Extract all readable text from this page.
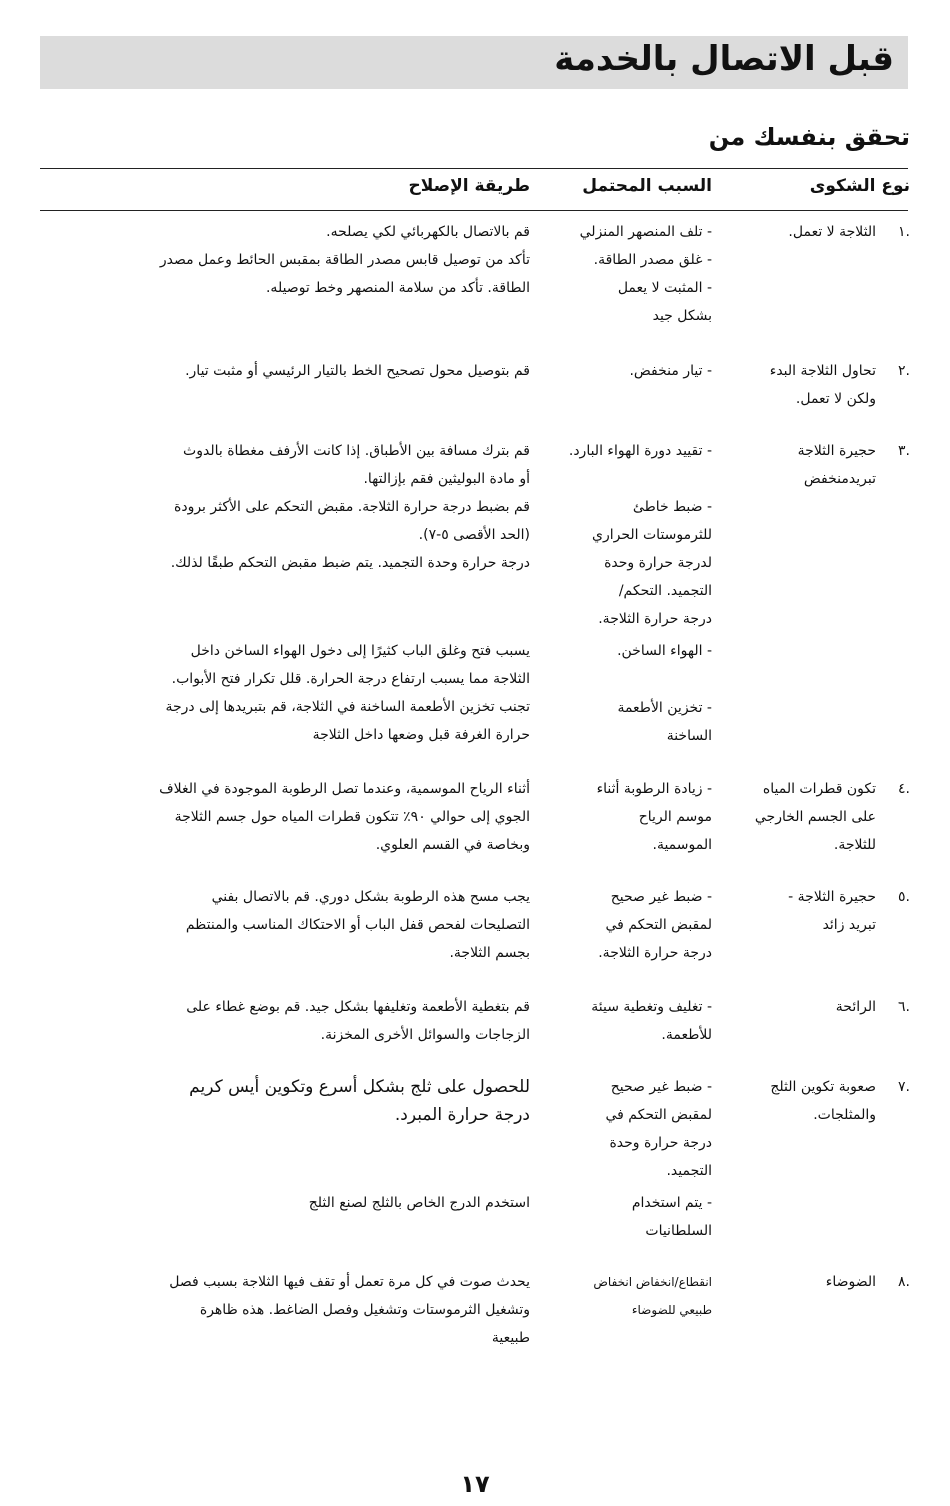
قبل الاتصال بالخدمة
تحقق بنفسك من
نوع الشكوى
السبب المحتمل
طريقة الإصلاح
.١
الثلاجة لا تعمل.
- تلف المنصهر المنزلي
- غلق مصدر الطاقة.
- المثبت لا يعمل
بشكل جيد
قم بالاتصال بالكهربائي لكي يصلحه.
تأكد من توصيل قابس مصدر الطاقة بمقبس الحائط وعمل مصدر
الطاقة. تأكد من سلامة المنصهر وخط توصيله.
.٢
تحاول الثلاجة البدء
ولكن لا تعمل.
- تيار منخفض.
قم بتوصيل محول تصحيح الخط بالتيار الرئيسي أو مثبت تيار.
.٣
حجيرة الثلاجة
تبريدمنخفض
- تقييد دورة الهواء البارد.
- ضبط خاطئ
للثرموستات الحراري
لدرجة حرارة وحدة
التجميد. التحكم/
درجة حرارة الثلاجة.
- الهواء الساخن.
- تخزين الأطعمة
الساخنة
قم بترك مسافة بين الأطباق. إذا كانت الأرفف مغطاة بالدوث
أو مادة البوليثين فقم بإزالتها.
قم بضبط درجة حرارة الثلاجة. مقبض التحكم على الأكثر برودة
(الحد الأقصى ٥-٧).
درجة حرارة وحدة التجميد. يتم ضبط مقبض التحكم طبقًا لذلك.
يسبب فتح وغلق الباب كثيرًا إلى دخول الهواء الساخن داخل
الثلاجة مما يسبب ارتفاع درجة الحرارة. قلل تكرار فتح الأبواب.
تجنب تخزين الأطعمة الساخنة في الثلاجة، قم بتبريدها إلى درجة
حرارة الغرفة قبل وضعها داخل الثلاجة
.٤
تكون قطرات المياه
على الجسم الخارجي
للثلاجة.
- زيادة الرطوبة أثناء
موسم الرياح
الموسمية.
أثناء الرياح الموسمية، وعندما تصل الرطوبة الموجودة في الغلاف
الجوي إلى حوالي ٩٠٪ تتكون قطرات المياه حول جسم الثلاجة
وبخاصة في القسم العلوي.
.٥
حجيرة الثلاجة -
تبريد زائد
- ضبط غير صحيح
لمقبض التحكم في
درجة حرارة الثلاجة.
يجب مسح هذه الرطوبة بشكل دوري. قم بالاتصال بفني
التصليحات لفحص قفل الباب أو الاحتكاك المناسب والمنتظم
بجسم الثلاجة.
.٦
الرائحة
- تغليف وتغطية سيئة
للأطعمة.
قم بتغطية الأطعمة وتغليفها بشكل جيد. قم بوضع غطاء على
الزجاجات والسوائل الأخرى المخزنة.
.٧
صعوبة تكوين الثلج
والمثلجات.
- ضبط غير صحيح
لمقبض التحكم في
درجة حرارة وحدة
التجميد.
- يتم استخدام
السلطانيات
للحصول على ثلج بشكل أسرع وتكوين أيس كريم
درجة حرارة المبرد.
استخدم الدرج الخاص بالثلج لصنع الثلج
.٨
الضوضاء
انقطاع/انخفاض انخفاض
طبيعي للضوضاء
يحدث صوت في كل مرة تعمل أو تقف فيها الثلاجة بسبب فصل
وتشغيل الثرموستات وتشغيل وفصل الضاغط. هذه ظاهرة
طبيعية
١٧
